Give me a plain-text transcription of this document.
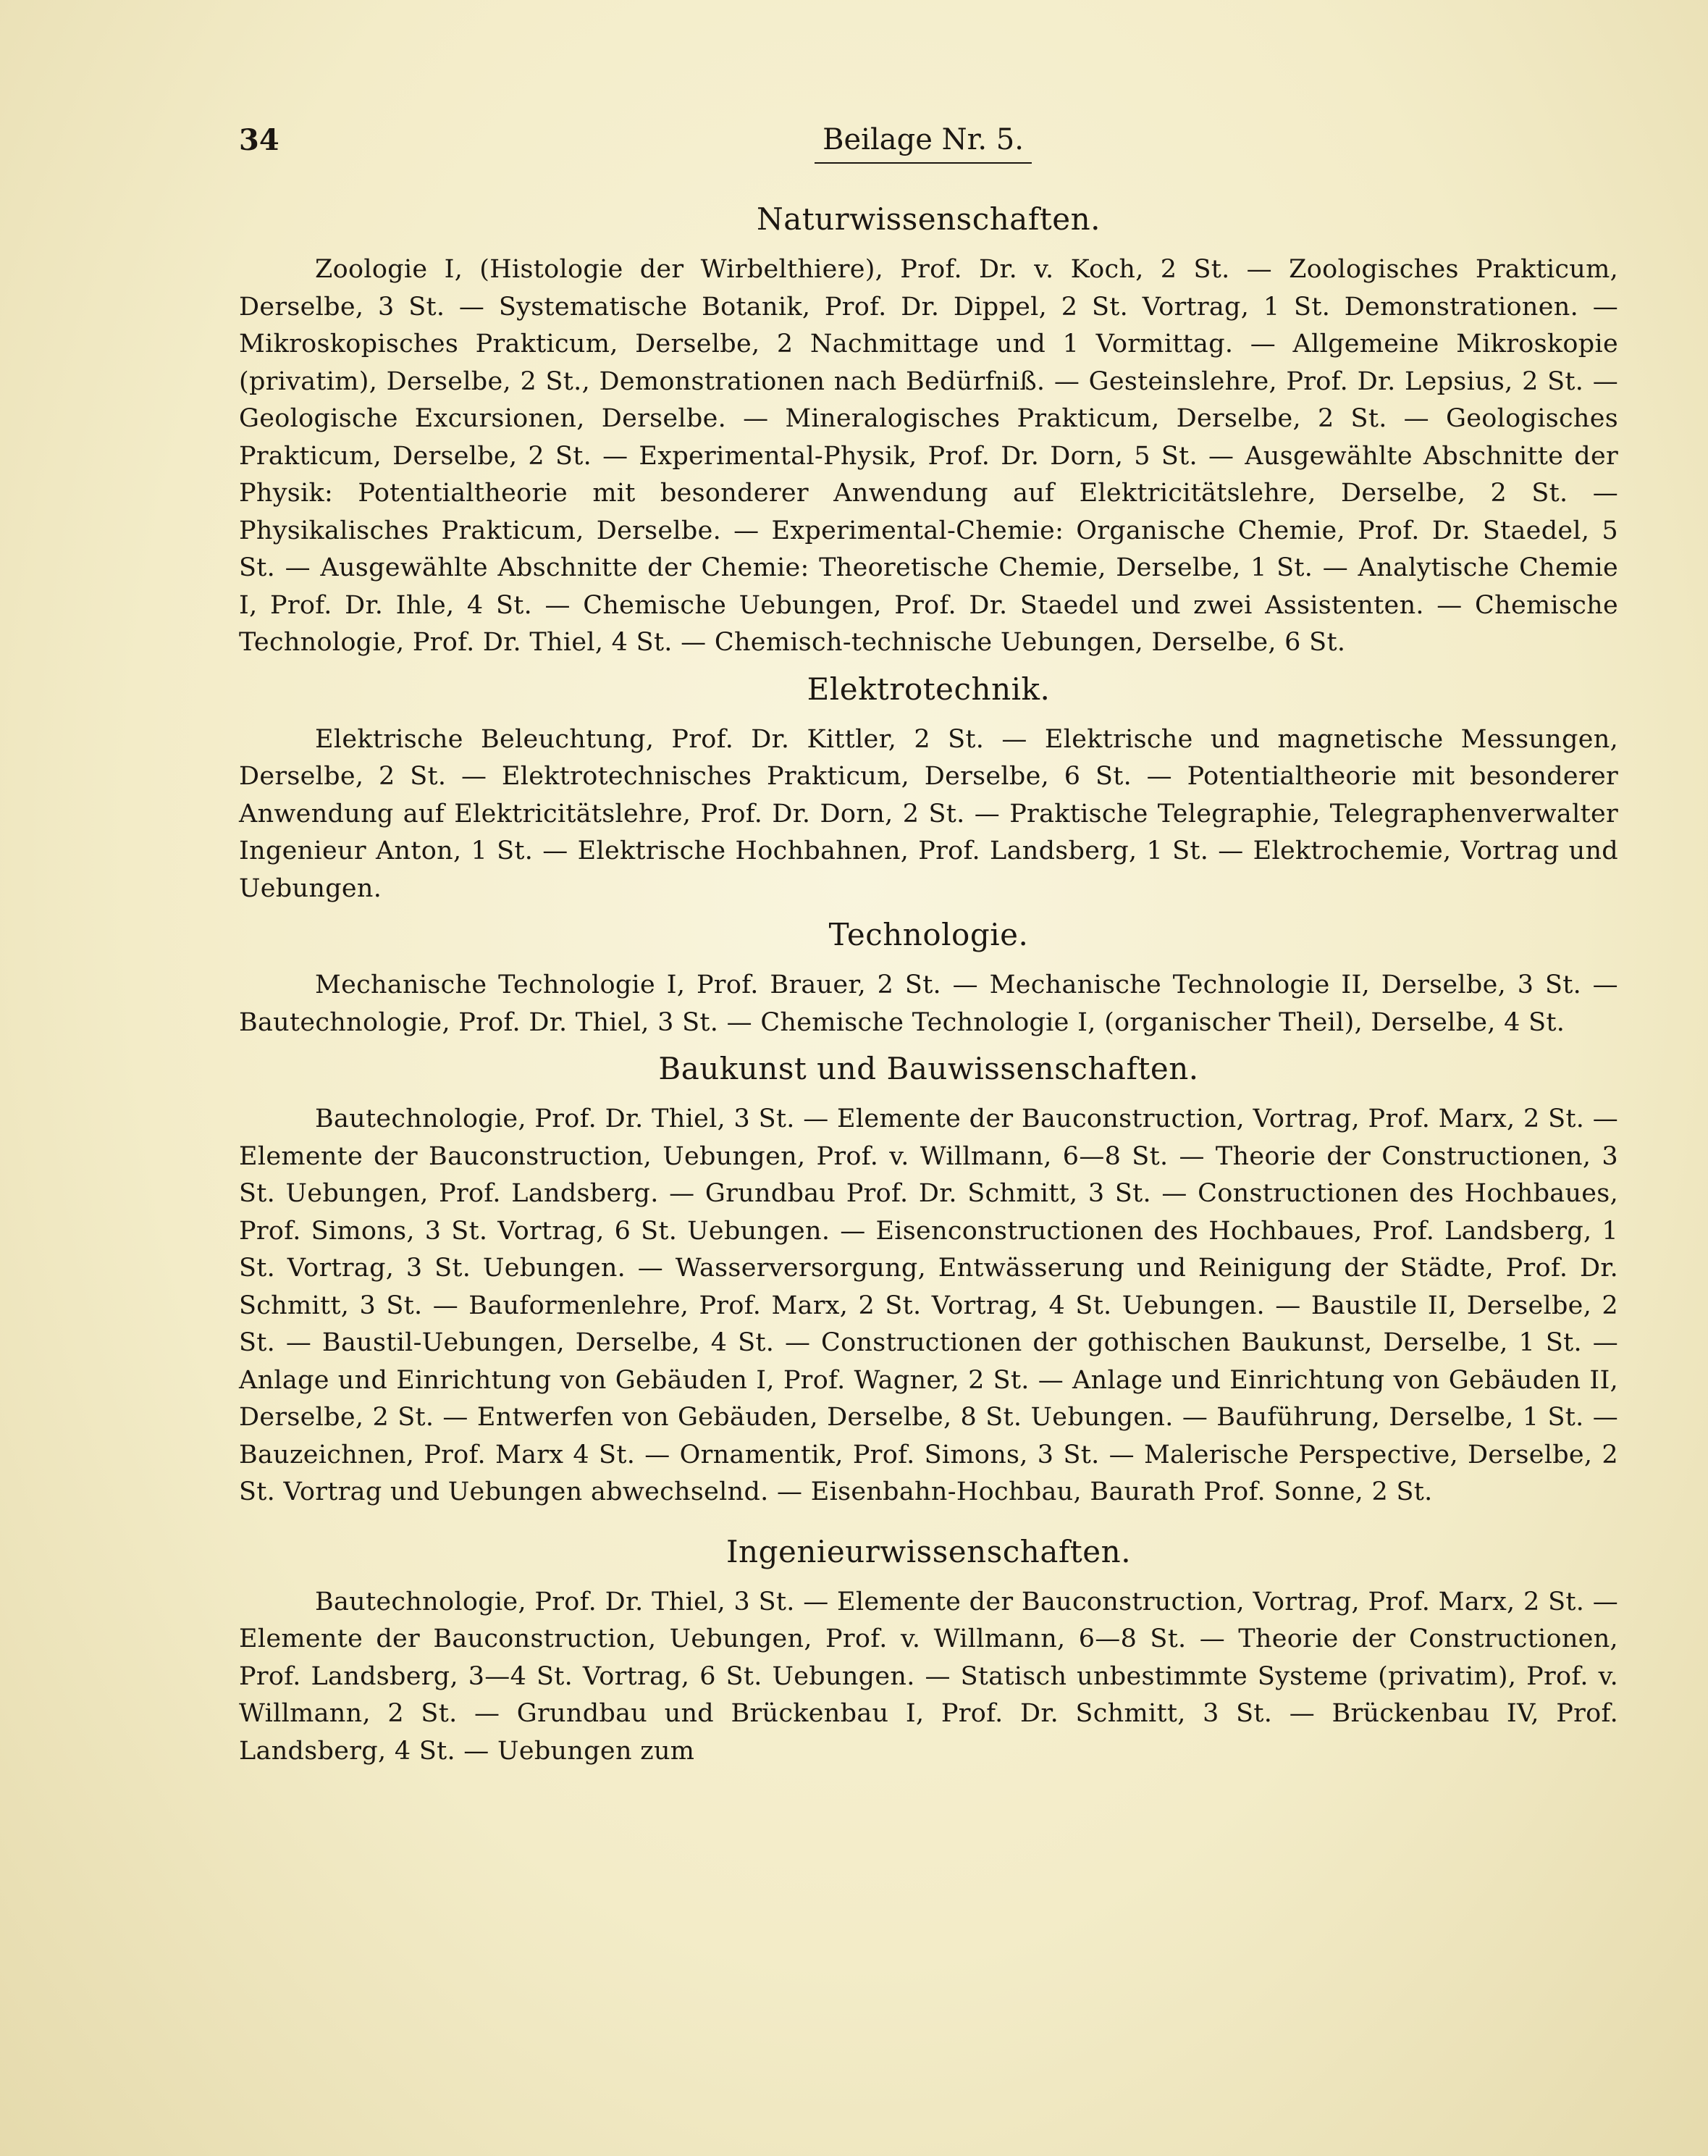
34	Beilage Nr. 5.
Naturwissenschaften.

Zoologie I, (Histologie der Wirbelthiere), Prof. Dr. v. Koch, 2 St. — Zoologisches Prakticum, Derselbe, 3 St. — Systematische Botanik, Prof. Dr. Dippel, 2 St. Vortrag, 1 St. Demonstrationen. — Mikroskopisches Prakticum, Derselbe, 2 Nachmittage und 1 Vormittag. — Allgemeine Mikroskopie (privatim), Derselbe, 2 St., Demonstrationen nach Bedürfniß. — Gesteinslehre, Prof. Dr. Lepsius, 2 St. — Geologische Excursionen, Derselbe. — Mineralogisches Prakticum, Derselbe, 2 St. — Geologisches Prakticum, Derselbe, 2 St. — Experimental-Physik, Prof. Dr. Dorn, 5 St. — Ausgewählte Abschnitte der Physik: Potentialtheorie mit besonderer Anwendung auf Elektricitätslehre, Derselbe, 2 St. — Physikalisches Prakticum, Derselbe. — Experimental-Chemie: Organische Chemie, Prof. Dr. Staedel, 5 St. — Ausgewählte Abschnitte der Chemie: Theoretische Chemie, Derselbe, 1 St. — Analytische Chemie I, Prof. Dr. Ihle, 4 St. — Chemische Uebungen, Prof. Dr. Staedel und zwei Assistenten. — Chemische Technologie, Prof. Dr. Thiel, 4 St. — Chemisch-technische Uebungen, Derselbe, 6 St.

Elektrotechnik.

Elektrische Beleuchtung, Prof. Dr. Kittler, 2 St. — Elektrische und magnetische Messungen, Derselbe, 2 St. — Elektrotechnisches Prakticum, Derselbe, 6 St. — Potentialtheorie mit besonderer Anwendung auf Elektricitätslehre, Prof. Dr. Dorn, 2 St. — Praktische Telegraphie, Telegraphenverwalter Ingenieur Anton, 1 St. — Elektrische Hochbahnen, Prof. Landsberg, 1 St. — Elektrochemie, Vortrag und Uebungen.

Technologie.

Mechanische Technologie I, Prof. Brauer, 2 St. — Mechanische Technologie II, Derselbe, 3 St. — Bautechnologie, Prof. Dr. Thiel, 3 St. — Chemische Technologie I, (organischer Theil), Derselbe, 4 St.

Baukunst und Bauwissenschaften.

Bautechnologie, Prof. Dr. Thiel, 3 St. — Elemente der Bauconstruction, Vortrag, Prof. Marx, 2 St. — Elemente der Bauconstruction, Uebungen, Prof. v. Willmann, 6—8 St. — Theorie der Constructionen, 3 St. Uebungen, Prof. Landsberg. — Grundbau Prof. Dr. Schmitt, 3 St. — Constructionen des Hochbaues, Prof. Simons, 3 St. Vortrag, 6 St. Uebungen. — Eisenconstructionen des Hochbaues, Prof. Landsberg, 1 St. Vortrag, 3 St. Uebungen. — Wasserversorgung, Entwässerung und Reinigung der Städte, Prof. Dr. Schmitt, 3 St. — Bauformenlehre, Prof. Marx, 2 St. Vortrag, 4 St. Uebungen. — Baustile II, Derselbe, 2 St. — Baustil-Uebungen, Derselbe, 4 St. — Constructionen der gothischen Baukunst, Derselbe, 1 St. — Anlage und Einrichtung von Gebäuden I, Prof. Wagner, 2 St. — Anlage und Einrichtung von Gebäuden II, Derselbe, 2 St. — Entwerfen von Gebäuden, Derselbe, 8 St. Uebungen. — Bauführung, Derselbe, 1 St. — Bauzeichnen, Prof. Marx 4 St. — Ornamentik, Prof. Simons, 3 St. — Malerische Perspective, Derselbe, 2 St. Vortrag und Uebungen abwechselnd. — Eisenbahn-Hochbau, Baurath Prof. Sonne, 2 St.

Ingenieurwissenschaften.

Bautechnologie, Prof. Dr. Thiel, 3 St. — Elemente der Bauconstruction, Vortrag, Prof. Marx, 2 St. — Elemente der Bauconstruction, Uebungen, Prof. v. Willmann, 6—8 St. — Theorie der Constructionen, Prof. Landsberg, 3—4 St. Vortrag, 6 St. Uebungen. — Statisch unbestimmte Systeme (privatim), Prof. v. Willmann, 2 St. — Grundbau und Brückenbau I, Prof. Dr. Schmitt, 3 St. — Brückenbau IV, Prof. Landsberg, 4 St. — Uebungen zum
